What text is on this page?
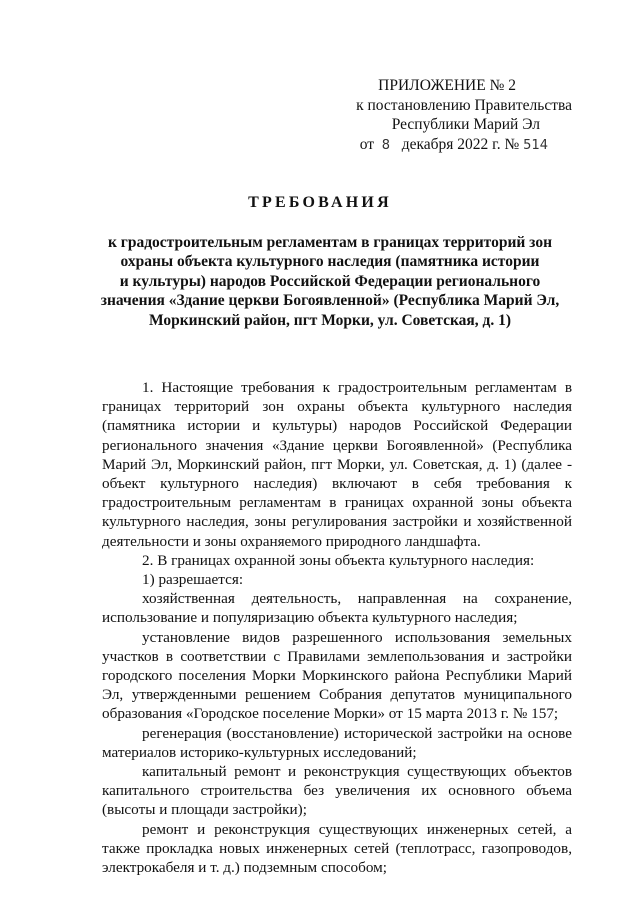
ПРИЛОЖЕНИЕ № 2
к постановлению Правительства
Республики Марий Эл
от 8 декабря 2022 г. № 514
ТРЕБОВАНИЯ
к градостроительным регламентам в границах территорий зон
охраны объекта культурного наследия (памятника истории
и культуры) народов Российской Федерации регионального
значения «Здание церкви Богоявленной» (Республика Марий Эл,
Моркинский район, пгт Морки, ул. Советская, д. 1)

1. Настоящие требования к градостроительным регламентам в границах территорий зон охраны объекта культурного наследия (памятника истории и культуры) народов Российской Федерации регионального значения «Здание церкви Богоявленной» (Республика Марий Эл, Моркинский район, пгт Морки, ул. Советская, д. 1) (далее - объект культурного наследия) включают в себя требования к градостроительным регламентам в границах охранной зоны объекта культурного наследия, зоны регулирования застройки и хозяйственной деятельности и зоны охраняемого природного ландшафта.

2. В границах охранной зоны объекта культурного наследия:

1) разрешается:

хозяйственная деятельность, направленная на сохранение, использование и популяризацию объекта культурного наследия;

установление видов разрешенного использования земельных участков в соответствии с Правилами землепользования и застройки городского поселения Морки Моркинского района Республики Марий Эл, утвержденными решением Собрания депутатов муниципального образования «Городское поселение Морки» от 15 марта 2013 г. № 157;

регенерация (восстановление) исторической застройки на основе материалов историко-культурных исследований;

капитальный ремонт и реконструкция существующих объектов капитального строительства без увеличения их основного объема (высоты и площади застройки);

ремонт и реконструкция существующих инженерных сетей, а также прокладка новых инженерных сетей (теплотрасс, газопроводов, электрокабеля и т. д.) подземным способом;
